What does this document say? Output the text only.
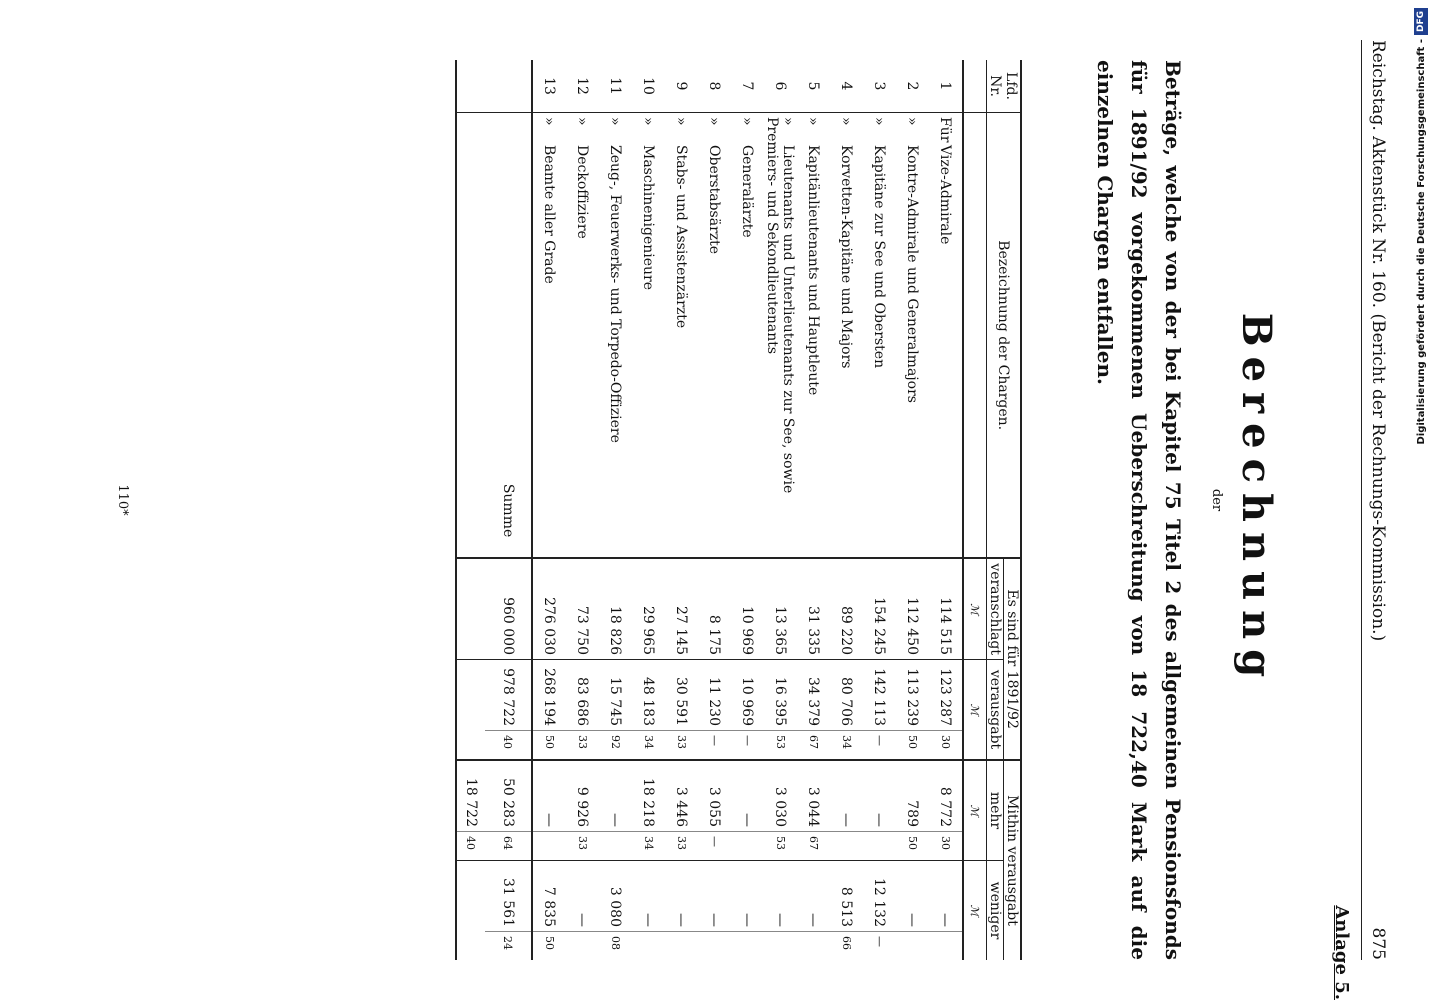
Reichstag. Aktenstück Nr. 160. (Bericht der Rechnungs-Kommission.)
875
Anlage 5.
Berechnung
der
Beträge, welche von der bei Kapitel 75 Titel 2 des allgemeinen Pensionsfonds für 1891/92 vorgekommenen Ueberschreitung von 18 722,40 Mark auf die einzelnen Chargen entfallen.
Lfd. Nr.	Bezeichnung der Chargen.	Es sind für 1891/92			Mithin verausgabt			
		veranschlagt	verausgabt		mehr		weniger	
		ℳ	ℳ		ℳ		ℳ	
1	FürVize-Admirale	114 515	123 287	30	8 772	30	—	
2	»Kontre-Admirale und Generalmajors	112 450	113 239	50	789	50	—	
3	»Kapitäne zur See und Obersten	154 245	142 113	—	—		12 132	—
4	»Korvetten-Kapitäne und Majors	89 220	80 706	34	—		8 513	66
5	»Kapitänlieutenants und Hauptleute	31 335	34 379	67	3 044	67	—	
6	»Lieutenants und Unterlieutenants zur See, sowie Premiers- und Sekondlieutenants	13 365	16 395	53	3 030	53	—	
7	»Generalärzte	10 969	10 969	—	—		—	
8	»Oberstabsärzte	8 175	11 230	—	3 055	—	—	
9	»Stabs- und Assistenzärzte	27 145	30 591	33	3 446	33	—	
10	»Maschinenigenieure	29 965	48 183	34	18 218	34	—	
11	»Zeug-, Feuerwerks- und Torpedo-Offiziere	18 826	15 745	92	—		3 080	08
12	»Deckoffiziere	73 750	83 686	33	9 926	33	—	
13	»Beamte aller Grade	276 030	268 194	50	—		7 835	50
	Summe	960 000	978 722	40	50 283	64	31 561	24
					18 722	40		

110*
Digitalisierung gefördert durch die Deutsche Forschungsgemeinschaft -
DFG
